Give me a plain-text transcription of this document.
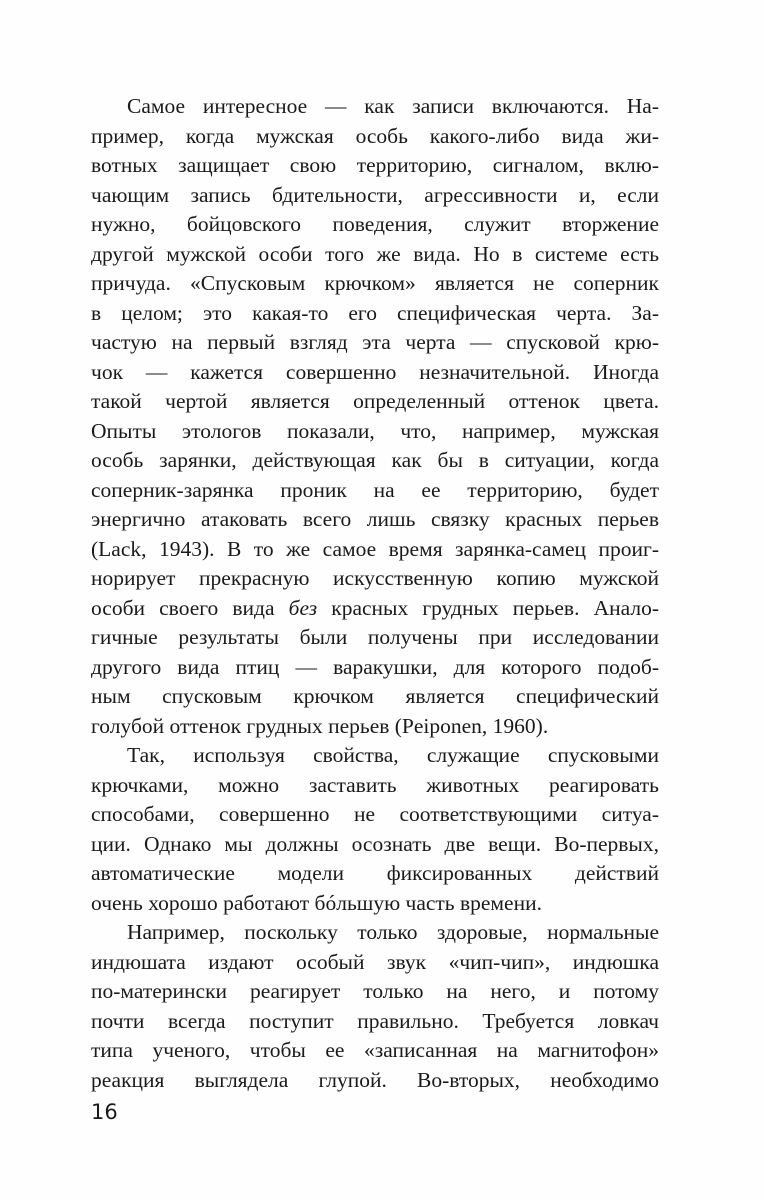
Самое интересное — как записи включаются. На-
пример, когда мужская особь какого-либо вида жи-
вотных защищает свою территорию, сигналом, вклю-
чающим запись бдительности, агрессивности и, если
нужно, бойцовского поведения, служит вторжение
другой мужской особи того же вида. Но в системе есть
причуда. «Спусковым крючком» является не соперник
в целом; это какая-то его специфическая черта. За-
частую на первый взгляд эта черта — спусковой крю-
чок — кажется совершенно незначительной. Иногда
такой чертой является определенный оттенок цвета.
Опыты этологов показали, что, например, мужская
особь зарянки, действующая как бы в ситуации, когда
соперник-зарянка проник на ее территорию, будет
энергично атаковать всего лишь связку красных перьев
(Lack, 1943). В то же самое время зарянка-самец проиг-
норирует прекрасную искусственную копию мужской
особи своего вида без красных грудных перьев. Анало-
гичные результаты были получены при исследовании
другого вида птиц — варакушки, для которого подоб-
ным спусковым крючком является специфический
голубой оттенок грудных перьев (Peiponen, 1960).
Так, используя свойства, служащие спусковыми
крючками, можно заставить животных реагировать
способами, совершенно не соответствующими ситуа-
ции. Однако мы должны осознать две вещи. Во-первых,
автоматические модели фиксированных действий
очень хорошо работают бóльшую часть времени.
Например, поскольку только здоровые, нормальные
индюшата издают особый звук «чип-чип», индюшка
по-матерински реагирует только на него, и потому
почти всегда поступит правильно. Требуется ловкач
типа ученого, чтобы ее «записанная на магнитофон»
реакция выглядела глупой. Во-вторых, необходимо
16
